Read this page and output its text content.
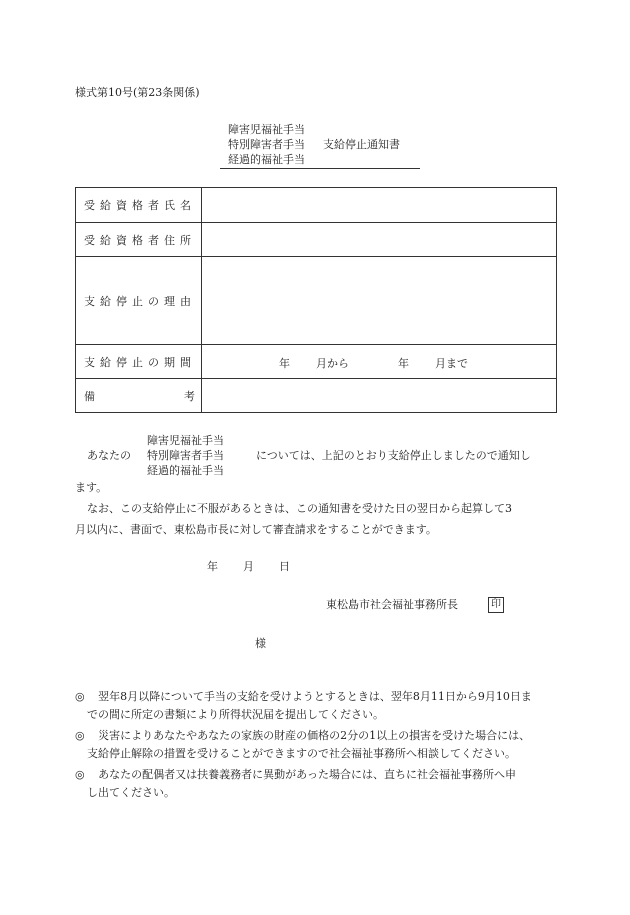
様式第10号(第23条関係)
障害児福祉手当
特別障害者手当
経過的福祉手当
支給停止通知書
受給資格者氏名	
受給資格者住所	
支給停止の理由	
支給停止の期間	年 月から 年 月まで

備 考	

障害児福祉手当
特別障害者手当
経過的福祉手当
あなたの	については、上記のとおり支給停止しましたので通知し
ます。
なお、この支給停止に不服があるときは、この通知書を受けた日の翌日から起算して3
月以内に、書面で、東松島市長に対して審査請求をすることができます。
年 月 日
東松島市社会福祉事務所長	印
様
◎ 翌年8月以降について手当の支給を受けようとするときは、翌年8月11日から9月10日ま
での間に所定の書類により所得状況届を提出してください。
◎ 災害によりあなたやあなたの家族の財産の価格の2分の1以上の損害を受けた場合には、
支給停止解除の措置を受けることができますので社会福祉事務所へ相談してください。
◎ あなたの配偶者又は扶養義務者に異動があった場合には、直ちに社会福祉事務所へ申
し出てください。
